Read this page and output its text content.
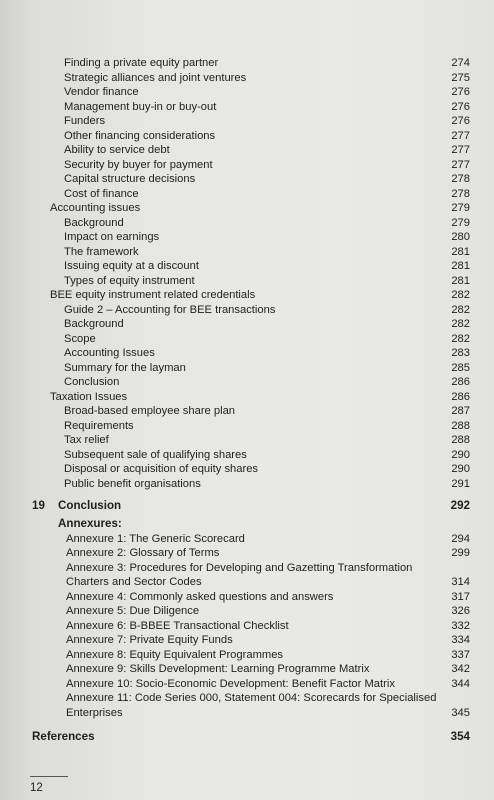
Finding a private equity partner	274
Strategic alliances and joint ventures	275
Vendor finance	276
Management buy-in or buy-out	276
Funders	276
Other financing considerations	277
Ability to service debt	277
Security by buyer for payment	277
Capital structure decisions	278
Cost of finance	278
Accounting issues	279
Background	279
Impact on earnings	280
The framework	281
Issuing equity at a discount	281
Types of equity instrument	281
BEE equity instrument related credentials	282
Guide 2 – Accounting for BEE transactions	282
Background	282
Scope	282
Accounting Issues	283
Summary for the layman	285
Conclusion	286
Taxation Issues	286
Broad-based employee share plan	287
Requirements	288
Tax relief	288
Subsequent sale of qualifying shares	290
Disposal or acquisition of equity shares	290
Public benefit organisations	291
19 Conclusion	292
Annexures:
Annexure 1: The Generic Scorecard	294
Annexure 2: Glossary of Terms	299
Annexure 3: Procedures for Developing and Gazetting Transformation Charters and Sector Codes	314
Annexure 4: Commonly asked questions and answers	317
Annexure 5: Due Diligence	326
Annexure 6: B-BBEE Transactional Checklist	332
Annexure 7: Private Equity Funds	334
Annexure 8: Equity Equivalent Programmes	337
Annexure 9: Skills Development: Learning Programme Matrix	342
Annexure 10: Socio-Economic Development: Benefit Factor Matrix	344
Annexure 11: Code Series 000, Statement 004: Scorecards for Specialised Enterprises	345
References	354
12
